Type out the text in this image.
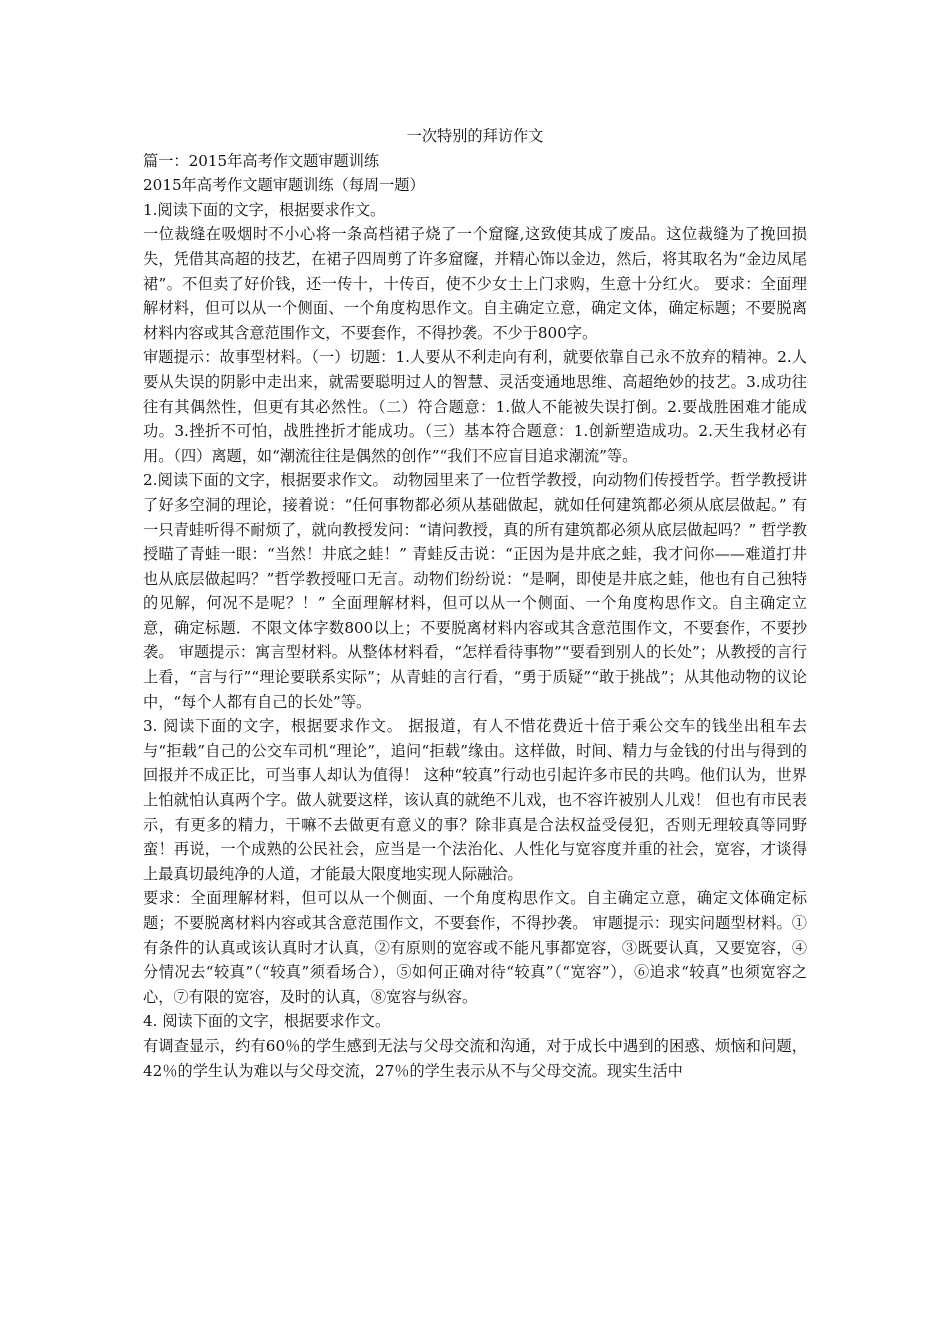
一次特别的拜访作文

篇一：2015年高考作文题审题训练

2015年高考作文题审题训练（每周一题）

1.阅读下面的文字，根据要求作文。

一位裁缝在吸烟时不小心将一条高档裙子烧了一个窟窿,这致使其成了废品。这位裁缝为了挽回损失，凭借其高超的技艺，在裙子四周剪了许多窟窿，并精心饰以金边，然后，将其取名为“金边凤尾裙”。不但卖了好价钱，还一传十，十传百，使不少女士上门求购，生意十分红火。 要求：全面理解材料，但可以从一个侧面、一个角度构思作文。自主确定立意，确定文体，确定标题；不要脱离材料内容或其含意范围作文，不要套作，不得抄袭。不少于800字。

审题提示：故事型材料。（一）切题：1.人要从不利走向有利，就要依靠自己永不放弃的精神。2.人要从失误的阴影中走出来，就需要聪明过人的智慧、灵活变通地思维、高超绝妙的技艺。3.成功往往有其偶然性，但更有其必然性。（二）符合题意：1.做人不能被失误打倒。2.要战胜困难才能成功。3.挫折不可怕，战胜挫折才能成功。（三）基本符合题意：1.创新塑造成功。2.天生我材必有用。（四）离题，如“潮流往往是偶然的创作”“我们不应盲目追求潮流”等。

2.阅读下面的文字，根据要求作文。 动物园里来了一位哲学教授，向动物们传授哲学。哲学教授讲了好多空洞的理论，接着说：“任何事物都必须从基础做起，就如任何建筑都必须从底层做起。” 有一只青蛙听得不耐烦了，就向教授发问：“请问教授，真的所有建筑都必须从底层做起吗？” 哲学教授瞄了青蛙一眼：“当然！井底之蛙！” 青蛙反击说：“正因为是井底之蛙，我才问你——难道打井也从底层做起吗？”哲学教授哑口无言。动物们纷纷说：“是啊，即使是井底之蛙，他也有自己独特的见解，何况不是呢？！” 全面理解材料，但可以从一个侧面、一个角度构思作文。自主确定立意，确定标题．不限文体字数800以上；不要脱离材料内容或其含意范围作文，不要套作，不要抄袭。 审题提示：寓言型材料。从整体材料看，“怎样看待事物”“要看到别人的长处”；从教授的言行上看，“言与行”“理论要联系实际”；从青蛙的言行看，“勇于质疑”“敢于挑战”；从其他动物的议论中，“每个人都有自己的长处”等。

3. 阅读下面的文字，根据要求作文。 据报道，有人不惜花费近十倍于乘公交车的钱坐出租车去与“拒载”自己的公交车司机“理论”，追问“拒载”缘由。这样做，时间、精力与金钱的付出与得到的回报并不成正比，可当事人却认为值得！ 这种“较真”行动也引起许多市民的共鸣。他们认为，世界上怕就怕认真两个字。做人就要这样，该认真的就绝不儿戏，也不容许被别人儿戏！ 但也有市民表示，有更多的精力，干嘛不去做更有意义的事？除非真是合法权益受侵犯，否则无理较真等同野蛮！再说，一个成熟的公民社会，应当是一个法治化、人性化与宽容度并重的社会，宽容，才谈得上最真切最纯净的人道，才能最大限度地实现人际融洽。

要求：全面理解材料，但可以从一个侧面、一个角度构思作文。自主确定立意，确定文体确定标题；不要脱离材料内容或其含意范围作文，不要套作，不得抄袭。 审题提示：现实问题型材料。①有条件的认真或该认真时才认真，②有原则的宽容或不能凡事都宽容，③既要认真，又要宽容，④分情况去“较真”（“较真”须看场合），⑤如何正确对待“较真”（“宽容”），⑥追求“较真”也须宽容之心，⑦有限的宽容，及时的认真，⑧宽容与纵容。

4. 阅读下面的文字，根据要求作文。

有调查显示，约有60％的学生感到无法与父母交流和沟通，对于成长中遇到的困惑、烦恼和问题，42％的学生认为难以与父母交流，27％的学生表示从不与父母交流。现实生活中
